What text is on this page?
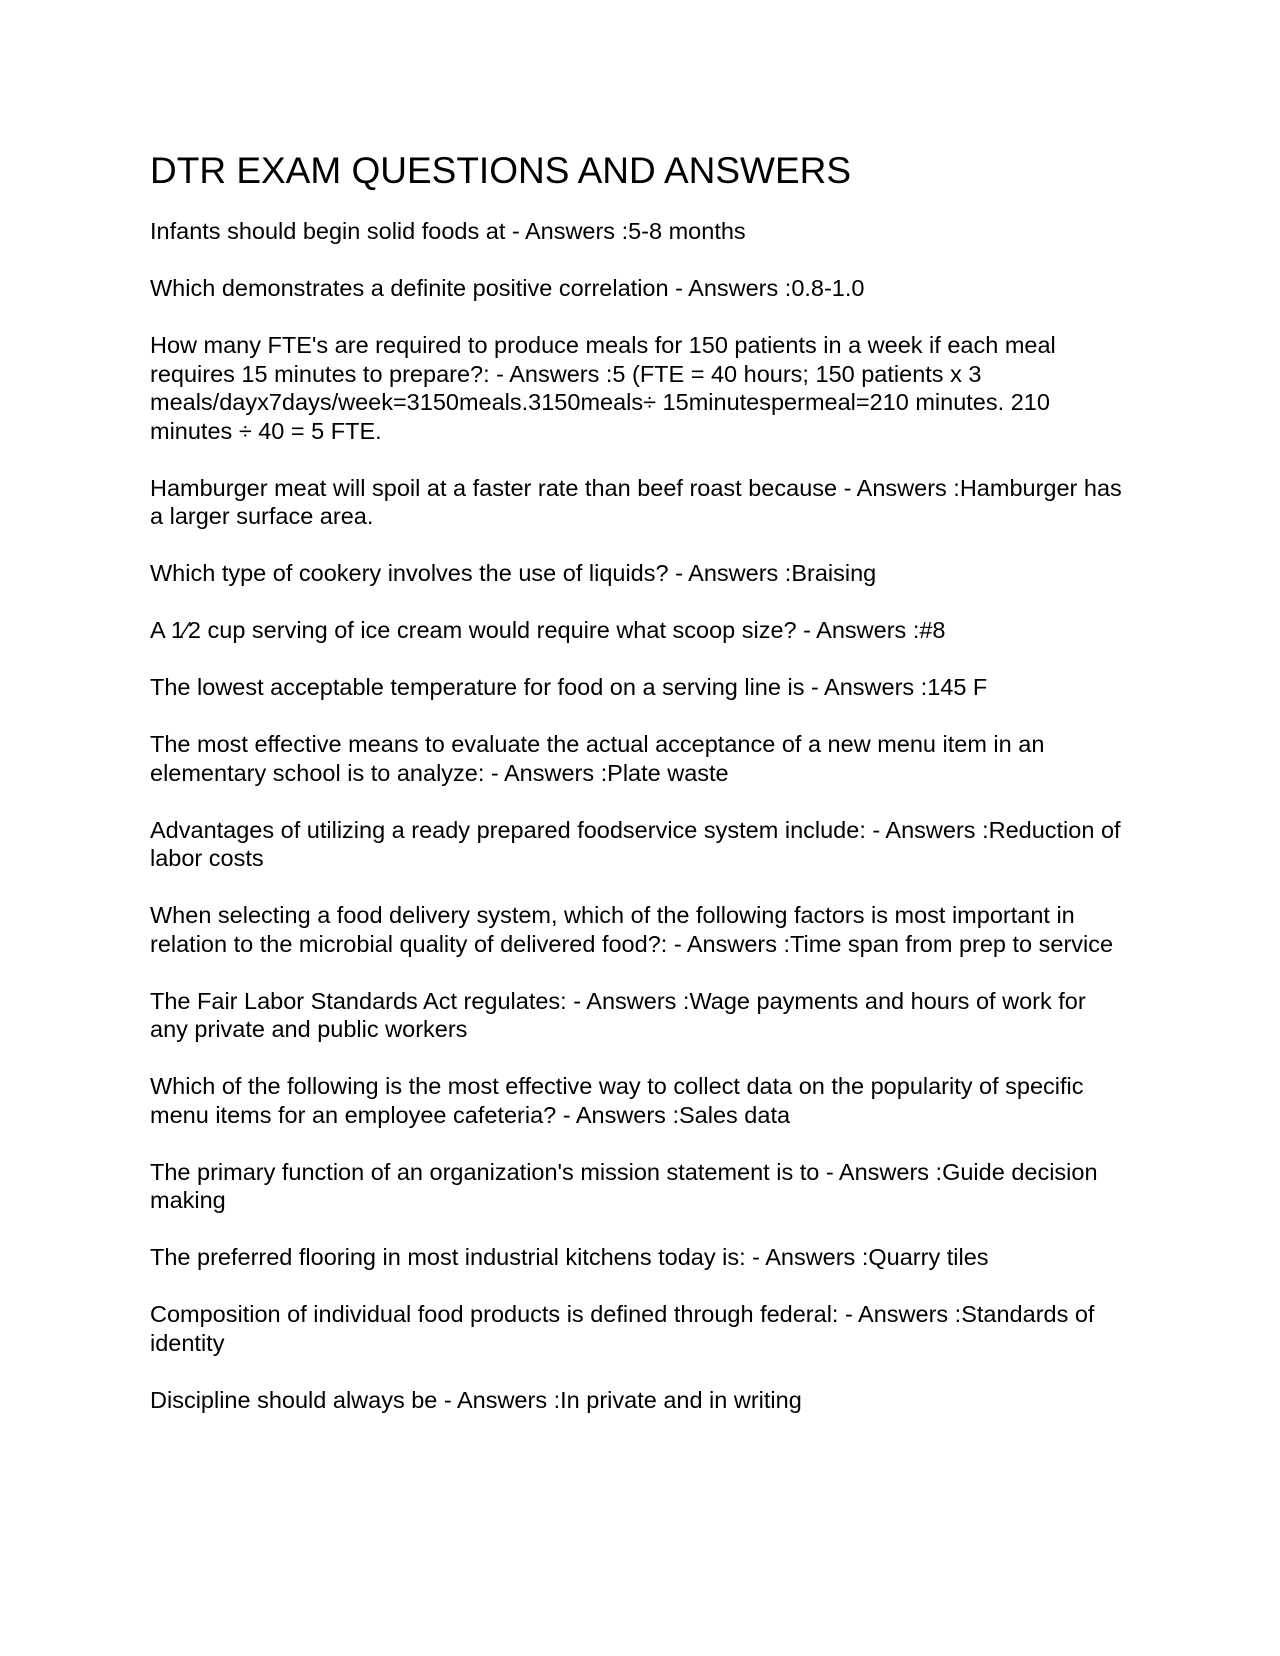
DTR EXAM QUESTIONS AND ANSWERS

Infants should begin solid foods at - Answers :5-8 months

Which demonstrates a definite positive correlation - Answers :0.8-1.0

How many FTE's are required to produce meals for 150 patients in a week if each meal requires 15 minutes to prepare?: - Answers :5 (FTE = 40 hours; 150 patients x 3 meals/dayx7days/week=3150meals.3150meals÷ 15minutespermeal=210 minutes. 210 minutes ÷ 40 = 5 FTE.

Hamburger meat will spoil at a faster rate than beef roast because - Answers :Hamburger has a larger surface area.

Which type of cookery involves the use of liquids? - Answers :Braising

A 1⁄2 cup serving of ice cream would require what scoop size? - Answers :#8

The lowest acceptable temperature for food on a serving line is - Answers :145 F

The most effective means to evaluate the actual acceptance of a new menu item in an elementary school is to analyze: - Answers :Plate waste

Advantages of utilizing a ready prepared foodservice system include: - Answers :Reduction of labor costs

When selecting a food delivery system, which of the following factors is most important in relation to the microbial quality of delivered food?: - Answers :Time span from prep to service

The Fair Labor Standards Act regulates: - Answers :Wage payments and hours of work for any private and public workers

Which of the following is the most effective way to collect data on the popularity of specific menu items for an employee cafeteria? - Answers :Sales data

The primary function of an organization's mission statement is to - Answers :Guide decision making

The preferred flooring in most industrial kitchens today is: - Answers :Quarry tiles

Composition of individual food products is defined through federal: - Answers :Standards of
identity

Discipline should always be - Answers :In private and in writing
